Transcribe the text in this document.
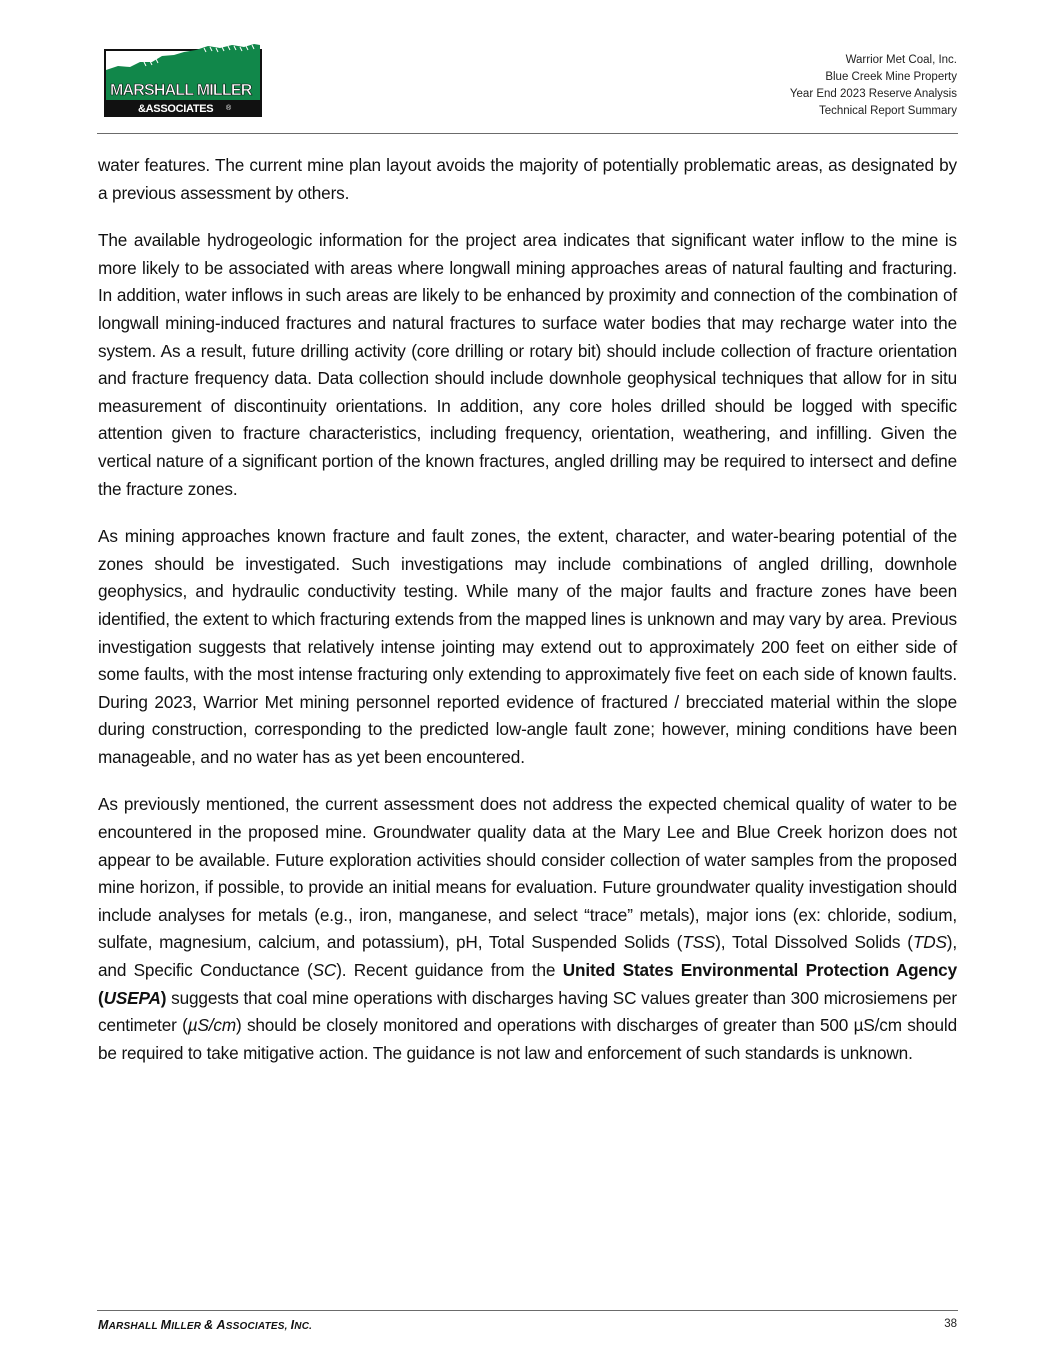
MARSHALL MILLER
&ASSOCIATES ®
Warrior Met Coal, Inc.
Blue Creek Mine Property
Year End 2023 Reserve Analysis
Technical Report Summary

water features. The current mine plan layout avoids the majority of potentially problematic areas, as designated by a previous assessment by others.

The available hydrogeologic information for the project area indicates that significant water inflow to the mine is more likely to be associated with areas where longwall mining approaches areas of natural faulting and fracturing. In addition, water inflows in such areas are likely to be enhanced by proximity and connection of the combination of longwall mining-induced fractures and natural fractures to surface water bodies that may recharge water into the system. As a result, future drilling activity (core drilling or rotary bit) should include collection of fracture orientation and fracture frequency data. Data collection should include downhole geophysical techniques that allow for in situ measurement of discontinuity orientations. In addition, any core holes drilled should be logged with specific attention given to fracture characteristics, including frequency, orientation, weathering, and infilling. Given the vertical nature of a significant portion of the known fractures, angled drilling may be required to intersect and define the fracture zones.

As mining approaches known fracture and fault zones, the extent, character, and water-bearing potential of the zones should be investigated. Such investigations may include combinations of angled drilling, downhole geophysics, and hydraulic conductivity testing. While many of the major faults and fracture zones have been identified, the extent to which fracturing extends from the mapped lines is unknown and may vary by area. Previous investigation suggests that relatively intense jointing may extend out to approximately 200 feet on either side of some faults, with the most intense fracturing only extending to approximately five feet on each side of known faults. During 2023, Warrior Met mining personnel reported evidence of fractured / brecciated material within the slope during construction, corresponding to the predicted low-angle fault zone; however, mining conditions have been manageable, and no water has as yet been encountered.

As previously mentioned, the current assessment does not address the expected chemical quality of water to be encountered in the proposed mine. Groundwater quality data at the Mary Lee and Blue Creek horizon does not appear to be available. Future exploration activities should consider collection of water samples from the proposed mine horizon, if possible, to provide an initial means for evaluation. Future groundwater quality investigation should include analyses for metals (e.g., iron, manganese, and select “trace” metals), major ions (ex: chloride, sodium, sulfate, magnesium, calcium, and potassium), pH, Total Suspended Solids (TSS), Total Dissolved Solids (TDS), and Specific Conductance (SC). Recent guidance from the United States Environmental Protection Agency (USEPA) suggests that coal mine operations with discharges having SC values greater than 300 microsiemens per centimeter (µS/cm) should be closely monitored and operations with discharges of greater than 500 µS/cm should be required to take mitigative action. The guidance is not law and enforcement of such standards is unknown.

MARSHALL MILLER & ASSOCIATES, INC.	38
